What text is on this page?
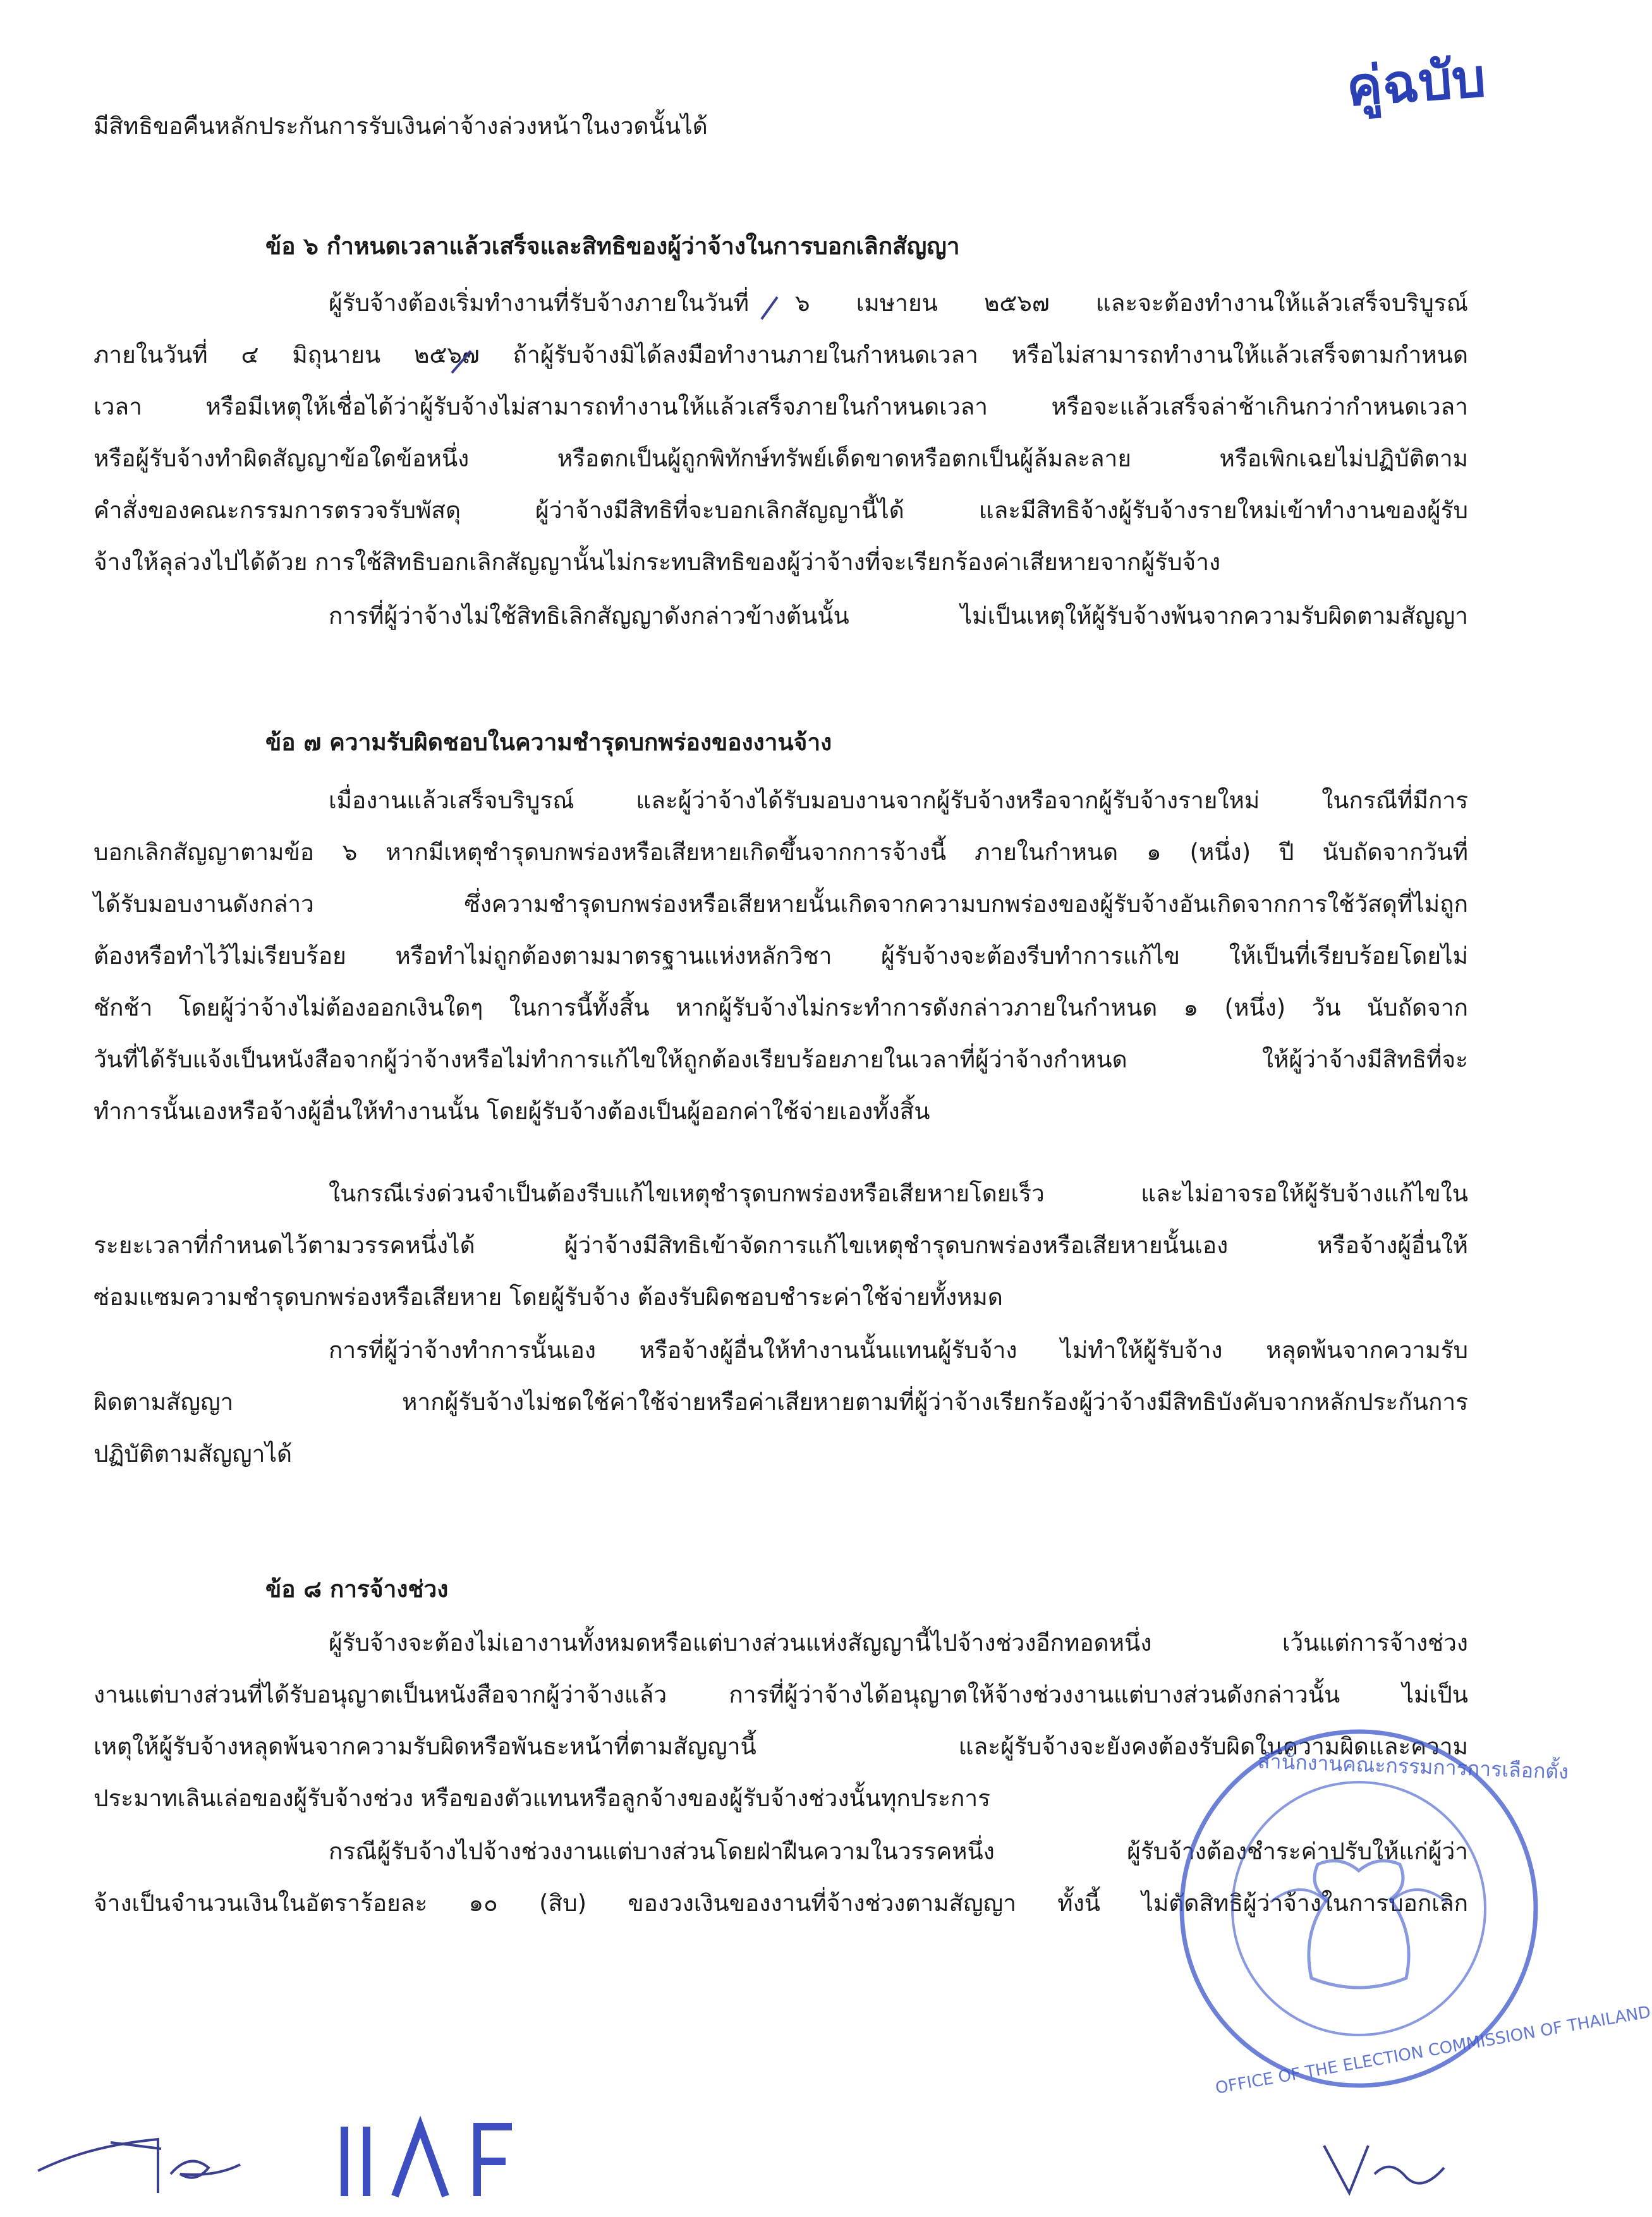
คู่ฉบับ
มีสิทธิขอคืนหลักประกันการรับเงินค่าจ้างล่วงหน้าในงวดนั้นได้
ข้อ ๖ กำหนดเวลาแล้วเสร็จและสิทธิของผู้ว่าจ้างในการบอกเลิกสัญญา
ผู้รับจ้างต้องเริ่มทำงานที่รับจ้างภายในวันที่ ๖ เมษายน ๒๕๖๗ และจะต้องทำงานให้แล้วเสร็จบริบูรณ์
ภายในวันที่ ๔ มิถุนายน ๒๕๖๗ ถ้าผู้รับจ้างมิได้ลงมือทำงานภายในกำหนดเวลา หรือไม่สามารถทำงานให้แล้วเสร็จตามกำหนด
เวลา หรือมีเหตุให้เชื่อได้ว่าผู้รับจ้างไม่สามารถทำงานให้แล้วเสร็จภายในกำหนดเวลา หรือจะแล้วเสร็จล่าช้าเกินกว่ากำหนดเวลา
หรือผู้รับจ้างทำผิดสัญญาข้อใดข้อหนึ่ง หรือตกเป็นผู้ถูกพิทักษ์ทรัพย์เด็ดขาดหรือตกเป็นผู้ล้มละลาย หรือเพิกเฉยไม่ปฏิบัติตาม
คำสั่งของคณะกรรมการตรวจรับพัสดุ ผู้ว่าจ้างมีสิทธิที่จะบอกเลิกสัญญานี้ได้ และมีสิทธิจ้างผู้รับจ้างรายใหม่เข้าทำงานของผู้รับ
จ้างให้ลุล่วงไปได้ด้วย การใช้สิทธิบอกเลิกสัญญานั้นไม่กระทบสิทธิของผู้ว่าจ้างที่จะเรียกร้องค่าเสียหายจากผู้รับจ้าง
การที่ผู้ว่าจ้างไม่ใช้สิทธิเลิกสัญญาดังกล่าวข้างต้นนั้น ไม่เป็นเหตุให้ผู้รับจ้างพ้นจากความรับผิดตามสัญญา
ข้อ ๗ ความรับผิดชอบในความชำรุดบกพร่องของงานจ้าง
เมื่องานแล้วเสร็จบริบูรณ์ และผู้ว่าจ้างได้รับมอบงานจากผู้รับจ้างหรือจากผู้รับจ้างรายใหม่ ในกรณีที่มีการ
บอกเลิกสัญญาตามข้อ ๖ หากมีเหตุชำรุดบกพร่องหรือเสียหายเกิดขึ้นจากการจ้างนี้ ภายในกำหนด ๑ (หนึ่ง) ปี นับถัดจากวันที่
ได้รับมอบงานดังกล่าว ซึ่งความชำรุดบกพร่องหรือเสียหายนั้นเกิดจากความบกพร่องของผู้รับจ้างอันเกิดจากการใช้วัสดุที่ไม่ถูก
ต้องหรือทำไว้ไม่เรียบร้อย หรือทำไม่ถูกต้องตามมาตรฐานแห่งหลักวิชา ผู้รับจ้างจะต้องรีบทำการแก้ไข ให้เป็นที่เรียบร้อยโดยไม่
ชักช้า โดยผู้ว่าจ้างไม่ต้องออกเงินใดๆ ในการนี้ทั้งสิ้น หากผู้รับจ้างไม่กระทำการดังกล่าวภายในกำหนด ๑ (หนึ่ง) วัน นับถัดจาก
วันที่ได้รับแจ้งเป็นหนังสือจากผู้ว่าจ้างหรือไม่ทำการแก้ไขให้ถูกต้องเรียบร้อยภายในเวลาที่ผู้ว่าจ้างกำหนด ให้ผู้ว่าจ้างมีสิทธิที่จะ
ทำการนั้นเองหรือจ้างผู้อื่นให้ทำงานนั้น โดยผู้รับจ้างต้องเป็นผู้ออกค่าใช้จ่ายเองทั้งสิ้น
ในกรณีเร่งด่วนจำเป็นต้องรีบแก้ไขเหตุชำรุดบกพร่องหรือเสียหายโดยเร็ว และไม่อาจรอให้ผู้รับจ้างแก้ไขใน
ระยะเวลาที่กำหนดไว้ตามวรรคหนึ่งได้ ผู้ว่าจ้างมีสิทธิเข้าจัดการแก้ไขเหตุชำรุดบกพร่องหรือเสียหายนั้นเอง หรือจ้างผู้อื่นให้
ซ่อมแซมความชำรุดบกพร่องหรือเสียหาย โดยผู้รับจ้าง ต้องรับผิดชอบชำระค่าใช้จ่ายทั้งหมด
การที่ผู้ว่าจ้างทำการนั้นเอง หรือจ้างผู้อื่นให้ทำงานนั้นแทนผู้รับจ้าง ไม่ทำให้ผู้รับจ้าง หลุดพ้นจากความรับ
ผิดตามสัญญา หากผู้รับจ้างไม่ชดใช้ค่าใช้จ่ายหรือค่าเสียหายตามที่ผู้ว่าจ้างเรียกร้องผู้ว่าจ้างมีสิทธิบังคับจากหลักประกันการ
ปฏิบัติตามสัญญาได้
ข้อ ๘ การจ้างช่วง
ผู้รับจ้างจะต้องไม่เอางานทั้งหมดหรือแต่บางส่วนแห่งสัญญานี้ไปจ้างช่วงอีกทอดหนึ่ง เว้นแต่การจ้างช่วง
งานแต่บางส่วนที่ได้รับอนุญาตเป็นหนังสือจากผู้ว่าจ้างแล้ว การที่ผู้ว่าจ้างได้อนุญาตให้จ้างช่วงงานแต่บางส่วนดังกล่าวนั้น ไม่เป็น
เหตุให้ผู้รับจ้างหลุดพ้นจากความรับผิดหรือพันธะหน้าที่ตามสัญญานี้ และผู้รับจ้างจะยังคงต้องรับผิดในความผิดและความ
ประมาทเลินเล่อของผู้รับจ้างช่วง หรือของตัวแทนหรือลูกจ้างของผู้รับจ้างช่วงนั้นทุกประการ
กรณีผู้รับจ้างไปจ้างช่วงงานแต่บางส่วนโดยฝ่าฝืนความในวรรคหนึ่ง ผู้รับจ้างต้องชำระค่าปรับให้แก่ผู้ว่า
จ้างเป็นจำนวนเงินในอัตราร้อยละ ๑๐ (สิบ) ของวงเงินของงานที่จ้างช่วงตามสัญญา ทั้งนี้ ไม่ตัดสิทธิผู้ว่าจ้างในการบอกเลิก
สำนักงานคณะกรรมการการเลือกตั้ง
OFFICE OF THE ELECTION COMMISSION OF THAILAND
